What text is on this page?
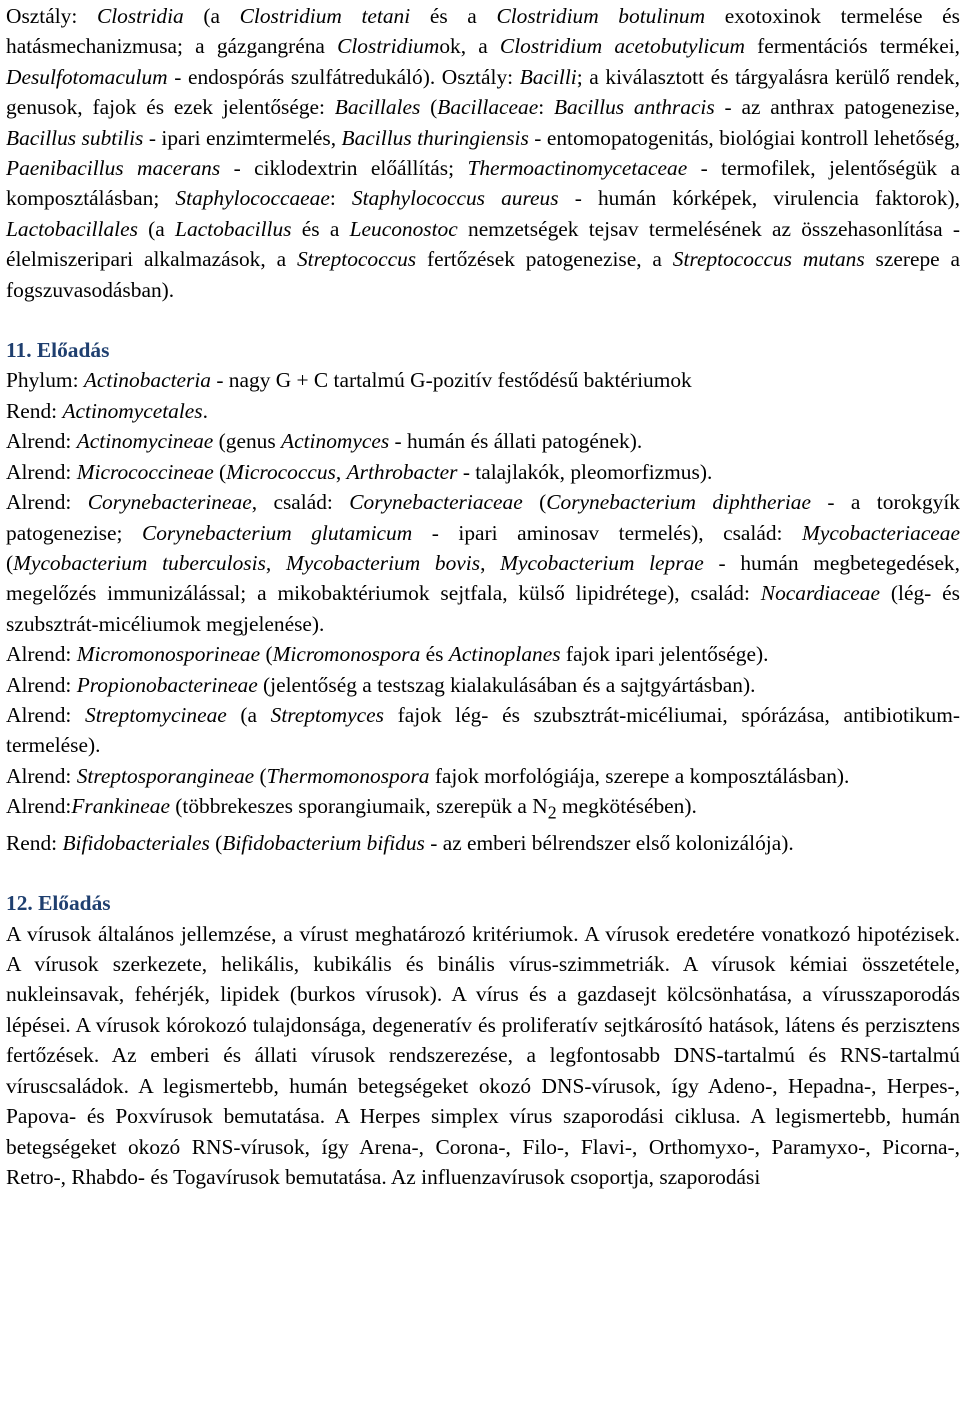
Osztály: Clostridia (a Clostridium tetani és a Clostridium botulinum exotoxinok termelése és hatásmechanizmusa; a gázgangréna Clostridiumok, a Clostridium acetobutylicum fermentációs termékei, Desulfotomaculum - endospórás szulfátredukáló). Osztály: Bacilli; a kiválasztott és tárgyalásra kerülő rendek, genusok, fajok és ezek jelentősége: Bacillales (Bacillaceae: Bacillus anthracis - az anthrax patogenezise, Bacillus subtilis - ipari enzimtermelés, Bacillus thuringiensis - entomopatogenitás, biológiai kontroll lehetőség, Paenibacillus macerans - ciklodextrin előállítás; Thermoactinomycetaceae - termofilek, jelentőségük a komposztálásban; Staphylococcaeae: Staphylococcus aureus - humán kórképek, virulencia faktorok), Lactobacillales (a Lactobacillus és a Leuconostoc nemzetségek tejsav termelésének az összehasonlítása - élelmiszeripari alkalmazások, a Streptococcus fertőzések patogenezise, a Streptococcus mutans szerepe a fogszuvasodásban).

11. Előadás

Phylum: Actinobacteria - nagy G + C tartalmú G-pozitív festődésű baktériumok

Rend: Actinomycetales.

Alrend: Actinomycineae (genus Actinomyces - humán és állati patogének).

Alrend: Micrococcineae (Micrococcus, Arthrobacter - talajlakók, pleomorfizmus).

Alrend: Corynebacterineae, család: Corynebacteriaceae (Corynebacterium diphtheriae - a torokgyík patogenezise; Corynebacterium glutamicum - ipari aminosav termelés), család: Mycobacteriaceae (Mycobacterium tuberculosis, Mycobacterium bovis, Mycobacterium leprae - humán megbetegedések, megelőzés immunizálással; a mikobaktériumok sejtfala, külső lipidrétege), család: Nocardiaceae (lég- és szubsztrát-micéliumok megjelenése).

Alrend: Micromonosporineae (Micromonospora és Actinoplanes fajok ipari jelentősége).

Alrend: Propionobacterineae (jelentőség a testszag kialakulásában és a sajtgyártásban).

Alrend: Streptomycineae (a Streptomyces fajok lég- és szubsztrát-micéliumai, spórázása, antibiotikum-termelése).

Alrend: Streptosporangineae (Thermomonospora fajok morfológiája, szerepe a komposztálásban).

Alrend:Frankineae (többrekeszes sporangiumaik, szerepük a $N_2$ megkötésében).

Rend: Bifidobacteriales (Bifidobacterium bifidus - az emberi bélrendszer első kolonizálója).

12. Előadás

A vírusok általános jellemzése, a vírust meghatározó kritériumok. A vírusok eredetére vonatkozó hipotézisek. A vírusok szerkezete, helikális, kubikális és binális vírus-szimmetriák. A vírusok kémiai összetétele, nukleinsavak, fehérjék, lipidek (burkos vírusok). A vírus és a gazdasejt kölcsönhatása, a vírusszaporodás lépései. A vírusok kórokozó tulajdonsága, degeneratív és proliferatív sejtkárosító hatások, látens és perzisztens fertőzések. Az emberi és állati vírusok rendszerezése, a legfontosabb DNS-tartalmú és RNS-tartalmú víruscsaládok. A legismertebb, humán betegségeket okozó DNS-vírusok, így Adeno-, Hepadna-, Herpes-, Papova- és Poxvírusok bemutatása. A Herpes simplex vírus szaporodási ciklusa. A legismertebb, humán betegségeket okozó RNS-vírusok, így Arena-, Corona-, Filo-, Flavi-, Orthomyxo-, Paramyxo-, Picorna-, Retro-, Rhabdo- és Togavírusok bemutatása. Az influenzavírusok csoportja, szaporodási
